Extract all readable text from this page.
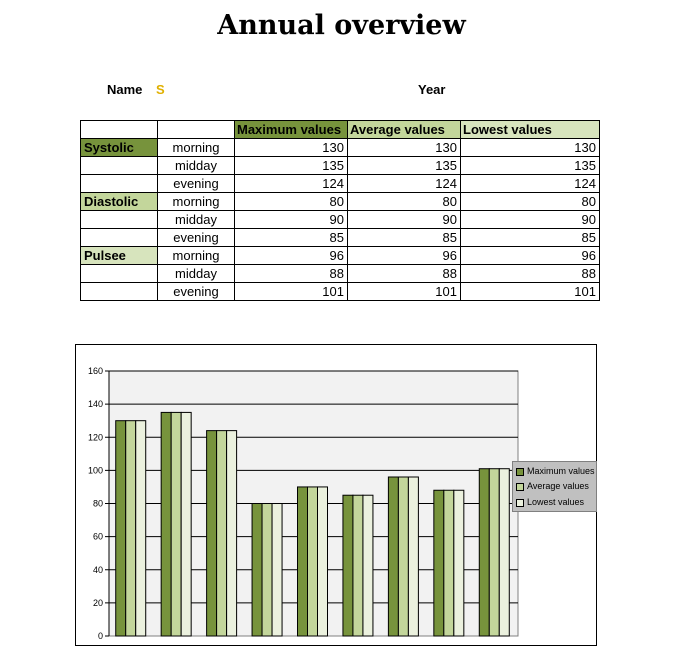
Annual overview
Name S	Year
		Maximum values	Average values	Lowest values
Systolic	morning	130	130	130
	midday	135	135	135
	evening	124	124	124
Diastolic	morning	80	80	80
	midday	90	90	90
	evening	85	85	85
Pulsee	morning	96	96	96
	midday	88	88	88
	evening	101	101	101
0
20
40
60
80
100
120
140
160
Maximum values
Average values
Lowest values
